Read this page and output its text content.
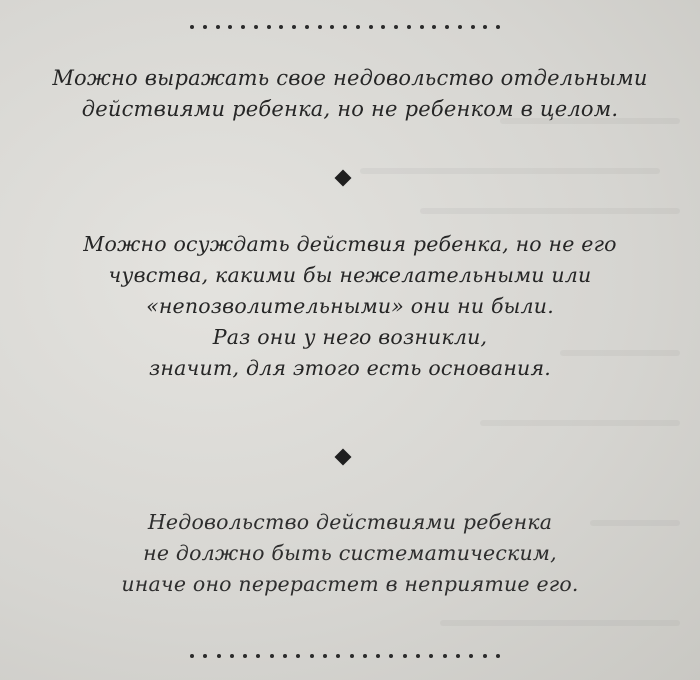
Можно выражать свое недовольство отдельными
действиями ребенка, но не ребенком в целом.

Можно осуждать действия ребенка, но не его
чувства, какими бы нежелательными или
«непозволительными» они ни были.
Раз они у него возникли,
значит, для этого есть основания.

Недовольство действиями ребенка
не должно быть систематическим,
иначе оно перерастет в неприятие его.
